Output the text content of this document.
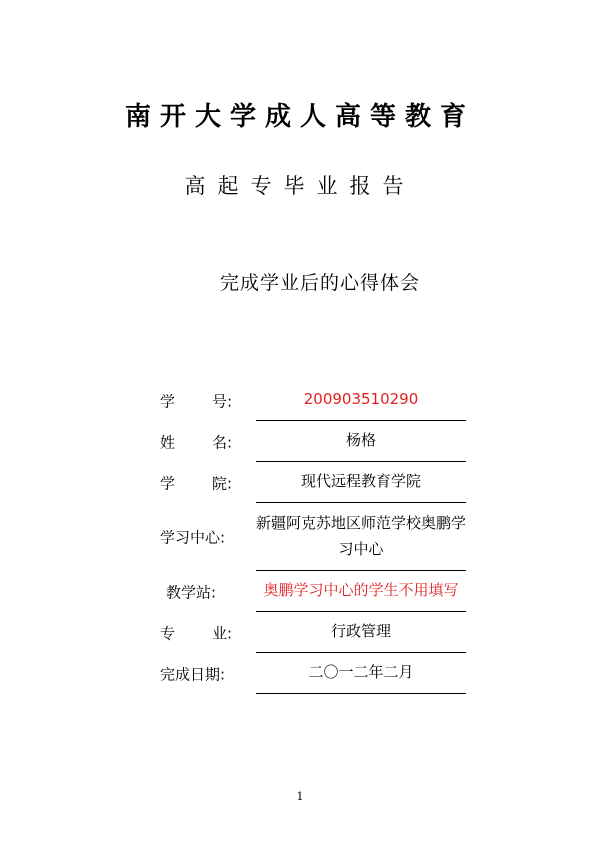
南开大学成人高等教育
高起专毕业报告
完成学业后的心得体会
学 号:	200903510290
姓 名:	杨格
学 院:	现代远程教育学院
学习中心:
新疆阿克苏地区师范学校奥鹏学习中心
教学站:	奥鹏学习中心的学生不用填写
专 业:	行政管理
完成日期:	二〇一二年二月
1
